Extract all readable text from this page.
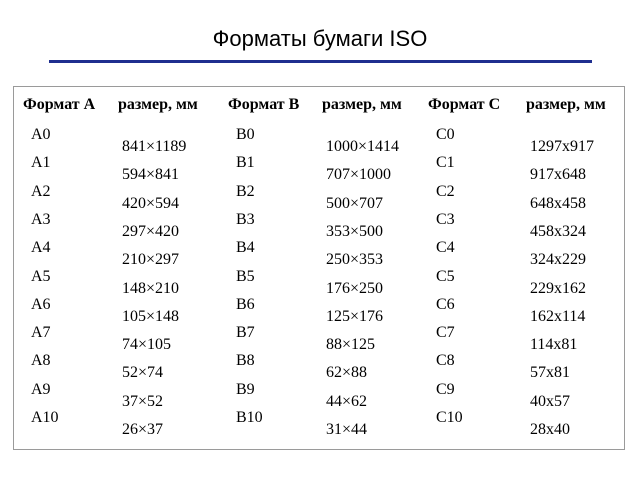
Форматы бумаги ISO
Формат A размер, мм Формат B размер, мм Формат C размер, мм
A0
841×1189
B0
1000×1414
C0
1297x917
A1
594×841
B1
707×1000
C1
917x648
A2
420×594
B2
500×707
C2
648x458
A3
297×420
B3
353×500
C3
458x324
A4
210×297
B4
250×353
C4
324x229
A5
148×210
B5
176×250
C5
229x162
A6
105×148
B6
125×176
C6
162x114
A7
74×105
B7
88×125
C7
114x81
A8
52×74
B8
62×88
C8
57x81
A9
37×52
B9
44×62
C9
40x57
A10
26×37
B10
31×44
C10
28x40
